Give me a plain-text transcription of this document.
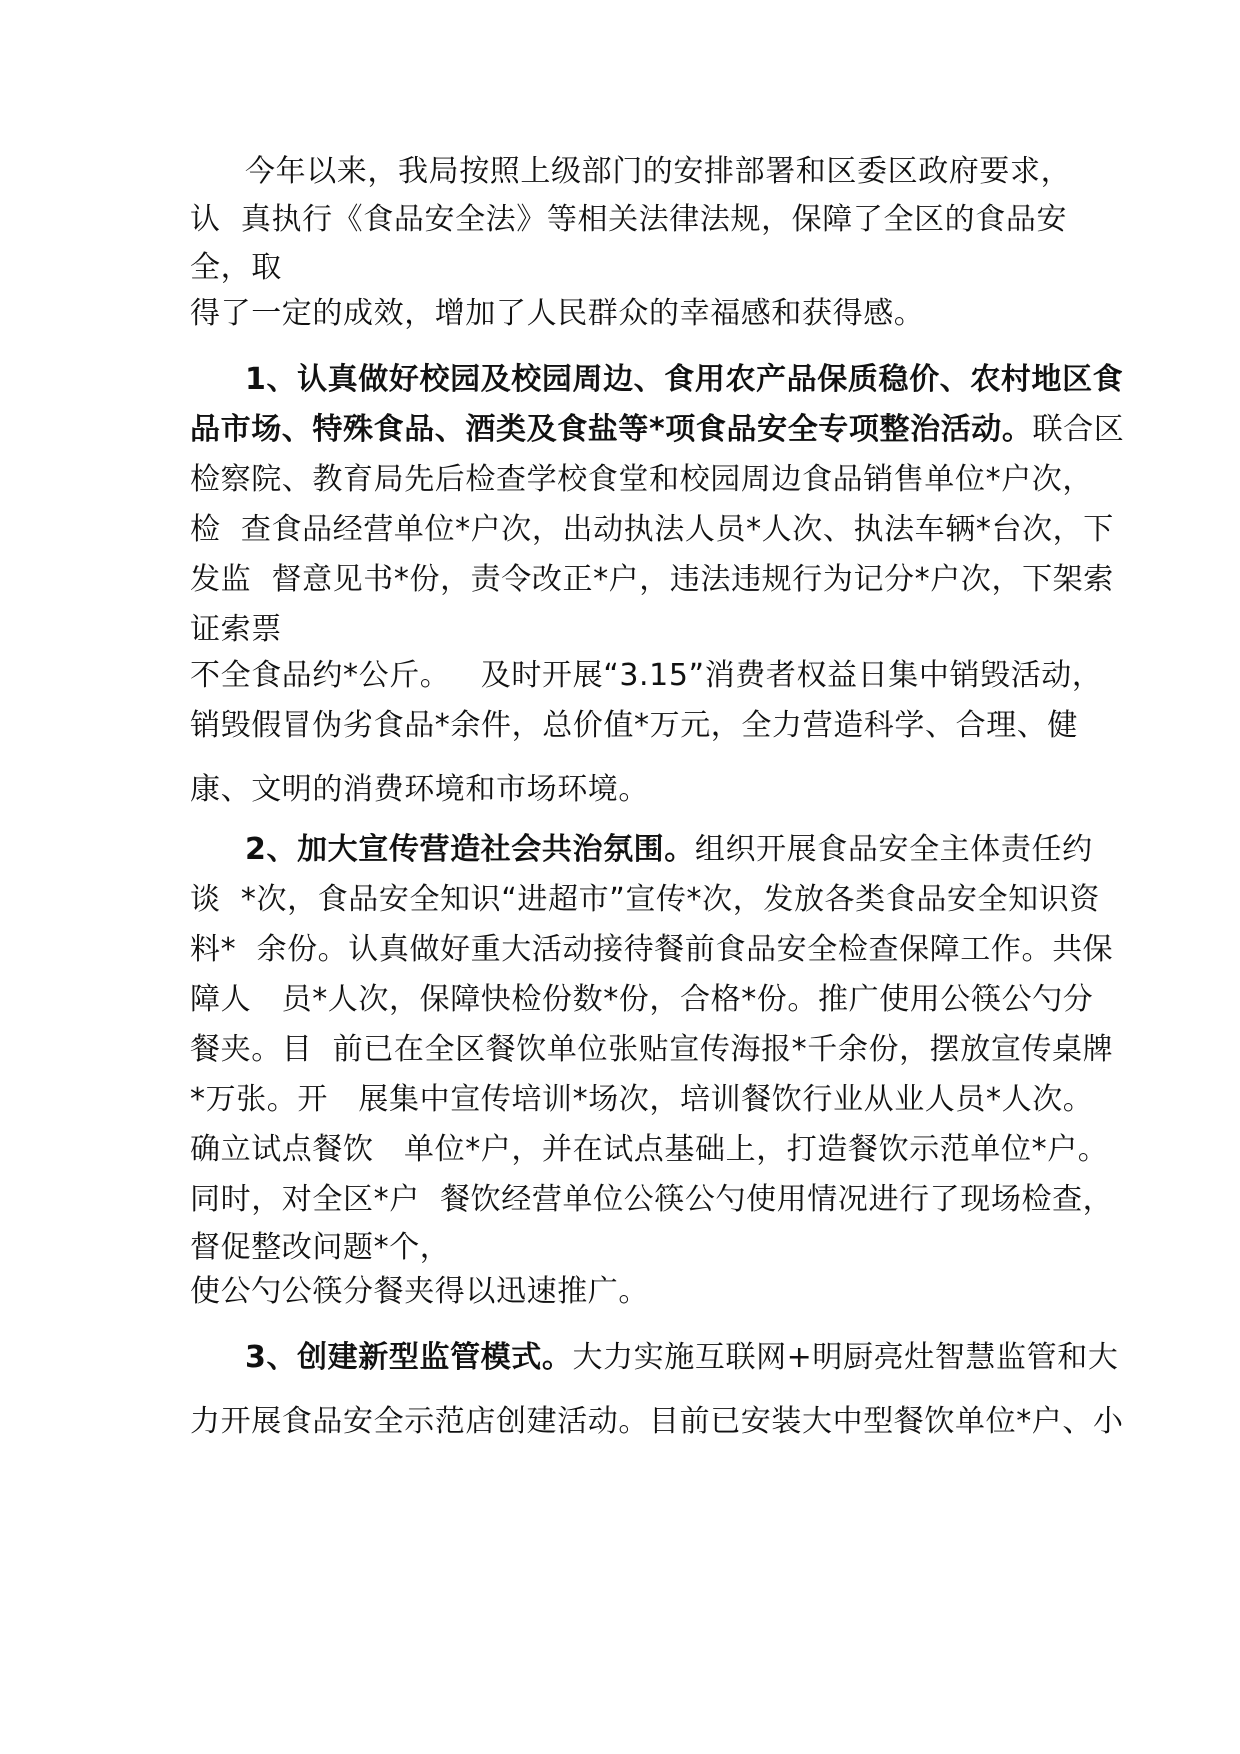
今年以来，我局按照上级部门的安排部署和区委区政府要求，

认  真执行《食品安全法》等相关法律法规，保障了全区的食品安

全，取

得了一定的成效，增加了人民群众的幸福感和获得感。

1、认真做好校园及校园周边、食用农产品保质稳价、农村地区食

品市场、特殊食品、酒类及食盐等*项食品安全专项整治活动。联合区

检察院、教育局先后检查学校食堂和校园周边食品销售单位*户次，

检  查食品经营单位*户次，出动执法人员*人次、执法车辆*台次，下

发监  督意见书*份，责令改正*户，违法违规行为记分*户次，下架索

证索票

不全食品约*公斤。   及时开展“3.15”消费者权益日集中销毁活动，

销毁假冒伪劣食品*余件，总价值*万元，全力营造科学、合理、健

康、文明的消费环境和市场环境。

2、加大宣传营造社会共治氛围。组织开展食品安全主体责任约

谈  *次，食品安全知识“进超市”宣传*次，发放各类食品安全知识资

料*  余份。认真做好重大活动接待餐前食品安全检查保障工作。共保

障人   员*人次，保障快检份数*份，合格*份。推广使用公筷公勺分

餐夹。目  前已在全区餐饮单位张贴宣传海报*千余份，摆放宣传桌牌

*万张。开   展集中宣传培训*场次，培训餐饮行业从业人员*人次。

确立试点餐饮   单位*户，并在试点基础上，打造餐饮示范单位*户。

同时，对全区*户  餐饮经营单位公筷公勺使用情况进行了现场检查，

督促整改问题*个，

使公勺公筷分餐夹得以迅速推广。

3、创建新型监管模式。大力实施互联网+明厨亮灶智慧监管和大

力开展食品安全示范店创建活动。目前已安装大中型餐饮单位*户、小
